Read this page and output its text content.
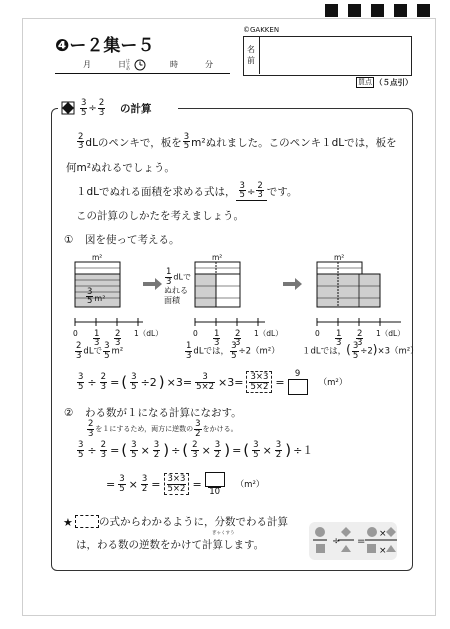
❹ー２集ー５
©GAKKEN
名
前
月	日 はじめ	時	分
買点 （５点引）
$\frac{3}{5} \div \frac{2}{3}$ の計算
$\frac{2}{3}$ dLのペンキで，板を $\frac{3}{5} m^2$ぬれました。このペンキ１dLでは，板を
何m²ぬれるでしょう。
１dLでぬれる面積を求める式は， $\frac{3}{5} \div \frac{2}{3}$ です。
この計算のしかたを考えましょう。
① 図を使って考える。
m²
$\frac{3}{5} m^2$
m²	m²
$\frac{1}{3}$ dLで
ぬれる
面積
$0 \frac{1}{3} \frac{2}{3} 1(dL)$	$0 \frac{1}{3} \frac{2}{3} 1(dL)$	$0 \frac{1}{3} \frac{2}{3} 1(dL)$
$\frac{2}{3}$ dLで $\frac{3}{5} m^2$	$\frac{1}{3}$ dLでは， $\frac{3}{5} \div 2(m^2)$	１dLでは，( $\frac{3}{5} \div 2)\times 3(m^2)$
$\frac{3}{5} \div \frac{2}{3}$ = ( $\frac{3}{5} \div 2$ ) $\times 3= \frac{3}{5\times 2} \times 3= \frac{3\times 3}{5\times 2}$ =
9
（m²）
② わる数が１になる計算になおす。
$\frac{2}{3}$ を１にするため，両方に逆数の $\frac{3}{2}$ をかける。
$\frac{3}{5} \div \frac{2}{3}$ = ( $\frac{3}{5} \times \frac{3}{2}$ ) ÷ ( $\frac{2}{3} \times \frac{3}{2}$ ) = ( $\frac{3}{5} \times \frac{3}{2}$ ) ÷１
= $\frac{3}{5} \times \frac{3}{2} = \frac{3\times 3}{5\times 2}$ =
10
（m²）
★ の式からわかるように，分数でわる計算
ぎゃくすう
は，わる数の逆数をかけて計算します。	÷ =
×
×
